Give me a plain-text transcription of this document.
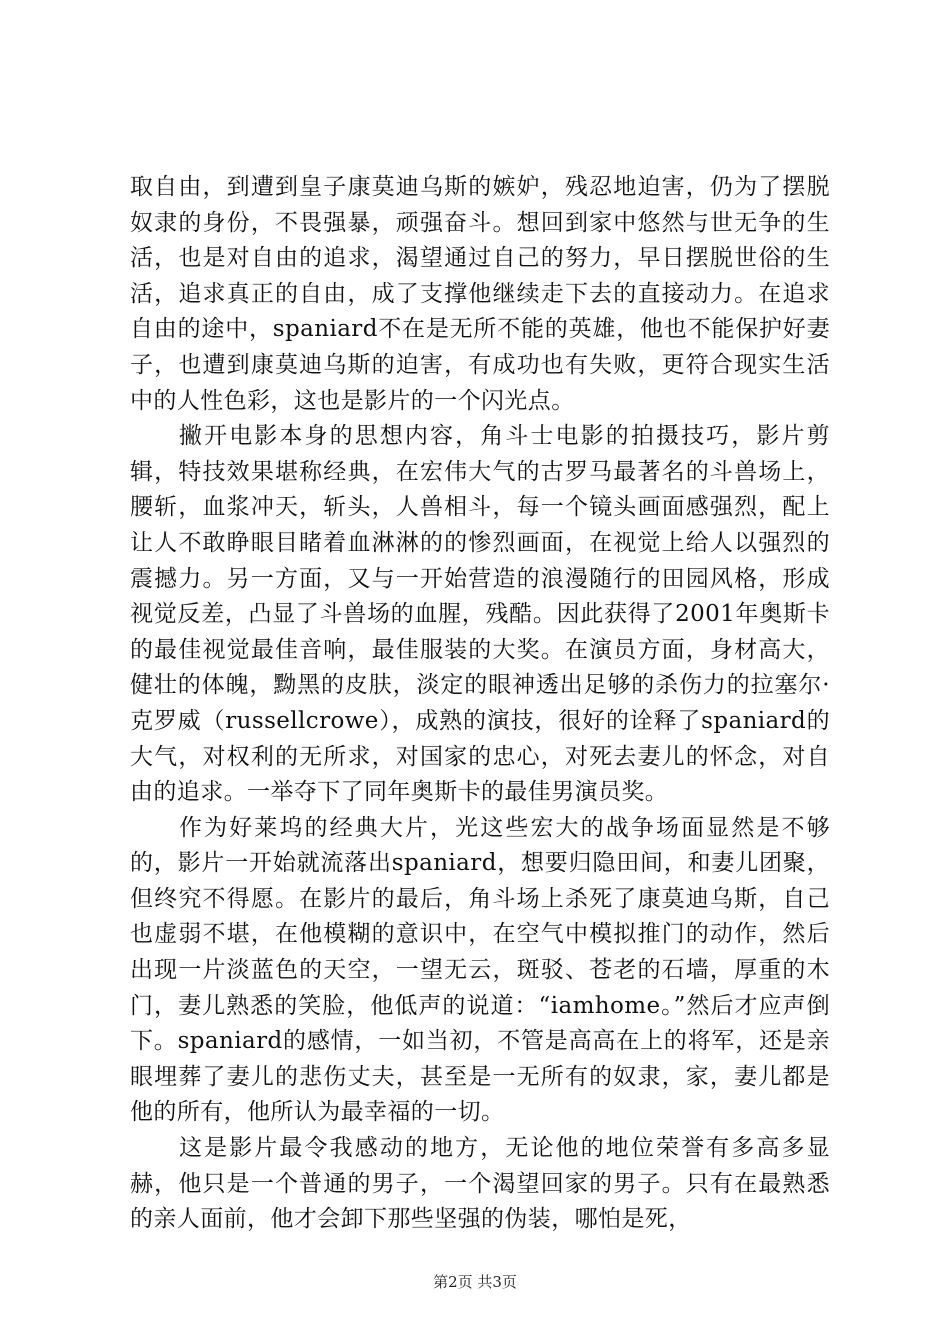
取自由，到遭到皇子康莫迪乌斯的嫉妒，残忍地迫害，仍为了摆脱奴隶的身份，不畏强暴，顽强奋斗。想回到家中悠然与世无争的生活，也是对自由的追求，渴望通过自己的努力，早日摆脱世俗的生活，追求真正的自由，成了支撑他继续走下去的直接动力。在追求自由的途中，spaniard不在是无所不能的英雄，他也不能保护好妻子，也遭到康莫迪乌斯的迫害，有成功也有失败，更符合现实生活中的人性色彩，这也是影片的一个闪光点。

撇开电影本身的思想内容，角斗士电影的拍摄技巧，影片剪辑，特技效果堪称经典，在宏伟大气的古罗马最著名的斗兽场上，腰斩，血浆冲天，斩头，人兽相斗，每一个镜头画面感强烈，配上让人不敢睁眼目睹着血淋淋的的惨烈画面，在视觉上给人以强烈的震撼力。另一方面，又与一开始营造的浪漫随行的田园风格，形成视觉反差，凸显了斗兽场的血腥，残酷。因此获得了2001年奥斯卡的最佳视觉最佳音响，最佳服装的大奖。在演员方面，身材高大，健壮的体魄，黝黑的皮肤，淡定的眼神透出足够的杀伤力的拉塞尔·克罗威（russellcrowe），成熟的演技，很好的诠释了spaniard的大气，对权利的无所求，对国家的忠心，对死去妻儿的怀念，对自由的追求。一举夺下了同年奥斯卡的最佳男演员奖。

作为好莱坞的经典大片，光这些宏大的战争场面显然是不够的，影片一开始就流落出spaniard，想要归隐田间，和妻儿团聚，但终究不得愿。在影片的最后，角斗场上杀死了康莫迪乌斯，自己也虚弱不堪，在他模糊的意识中，在空气中模拟推门的动作，然后出现一片淡蓝色的天空，一望无云，斑驳、苍老的石墙，厚重的木门，妻儿熟悉的笑脸，他低声的说道：“iamhome。”然后才应声倒下。spaniard的感情，一如当初，不管是高高在上的将军，还是亲眼埋葬了妻儿的悲伤丈夫，甚至是一无所有的奴隶，家，妻儿都是他的所有，他所认为最幸福的一切。

这是影片最令我感动的地方，无论他的地位荣誉有多高多显赫，他只是一个普通的男子，一个渴望回家的男子。只有在最熟悉的亲人面前，他才会卸下那些坚强的伪装，哪怕是死，

第2页 共3页
